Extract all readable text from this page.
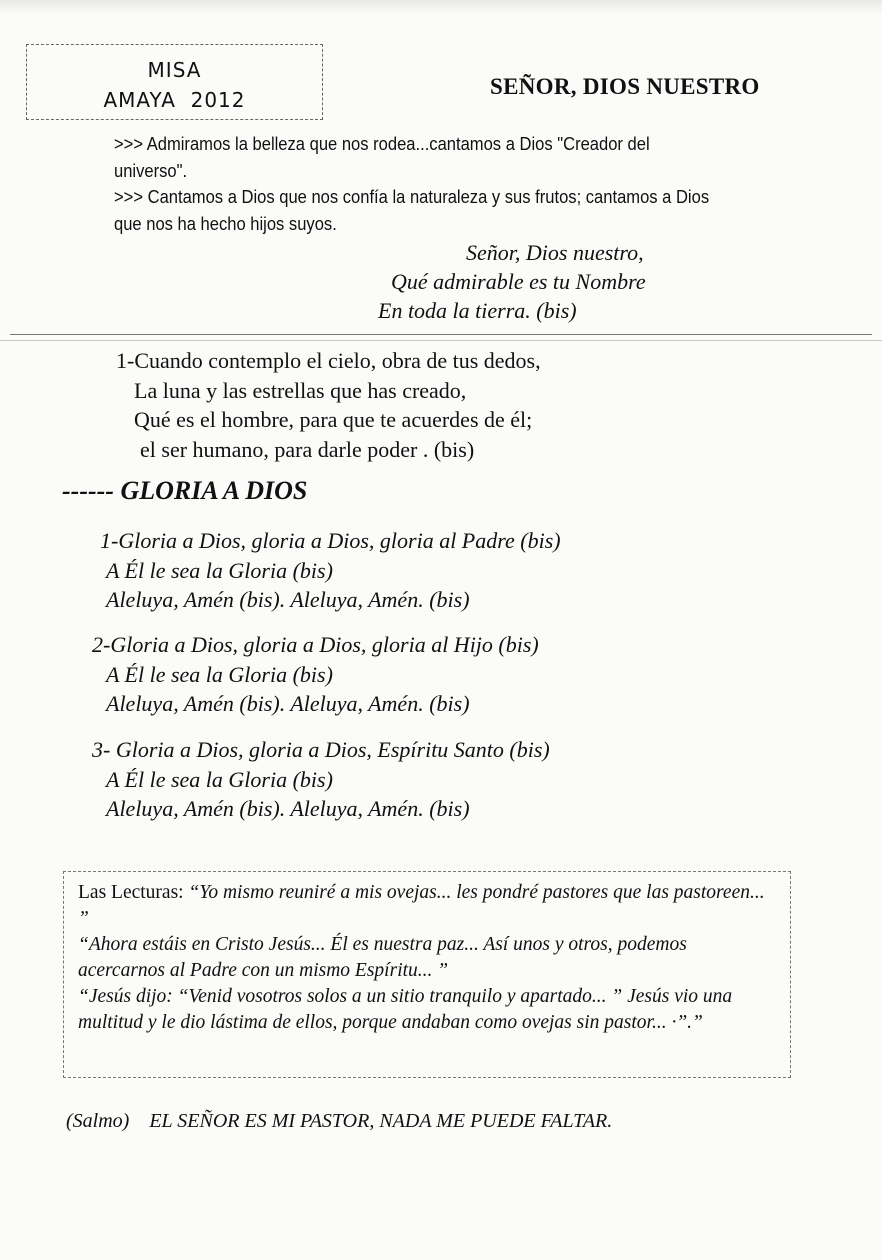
MISA
AMAYA  2012
SEÑOR, DIOS NUESTRO

>>> Admiramos la belleza que nos rodea...cantamos a Dios "Creador del universo".

>>> Cantamos a Dios que nos confía la naturaleza y sus frutos; cantamos a Dios que nos ha hecho hijos suyos.

Señor, Dios nuestro,
Qué admirable es tu Nombre
En toda la tierra. (bis)
1-Cuando contemplo el cielo, obra de tus dedos,
La luna y las estrellas que has creado,
Qué es el hombre, para que te acuerdes de él;
el ser humano, para darle poder . (bis)
------ GLORIA A DIOS
1-Gloria a Dios, gloria a Dios, gloria al Padre (bis)
A Él le sea la Gloria (bis)
Aleluya, Amén (bis). Aleluya, Amén. (bis)
2-Gloria a Dios, gloria a Dios, gloria al Hijo (bis)
A Él le sea la Gloria (bis)
Aleluya, Amén (bis). Aleluya, Amén. (bis)
3- Gloria a Dios, gloria a Dios, Espíritu Santo (bis)
A Él le sea la Gloria (bis)
Aleluya, Amén (bis). Aleluya, Amén. (bis)

Las Lecturas: “Yo mismo reuniré a mis ovejas... les pondré pastores que las pastoreen... ”

“Ahora estáis en Cristo Jesús... Él es nuestra paz... Así unos y otros, podemos acercarnos al Padre con un mismo Espíritu... ”

“Jesús dijo: “Venid vosotros solos a un sitio tranquilo y apartado... ” Jesús vio una multitud y le dio lástima de ellos, porque andaban como ovejas sin pastor... ·”.”

(Salmo) EL SEÑOR ES MI PASTOR, NADA ME PUEDE FALTAR.
